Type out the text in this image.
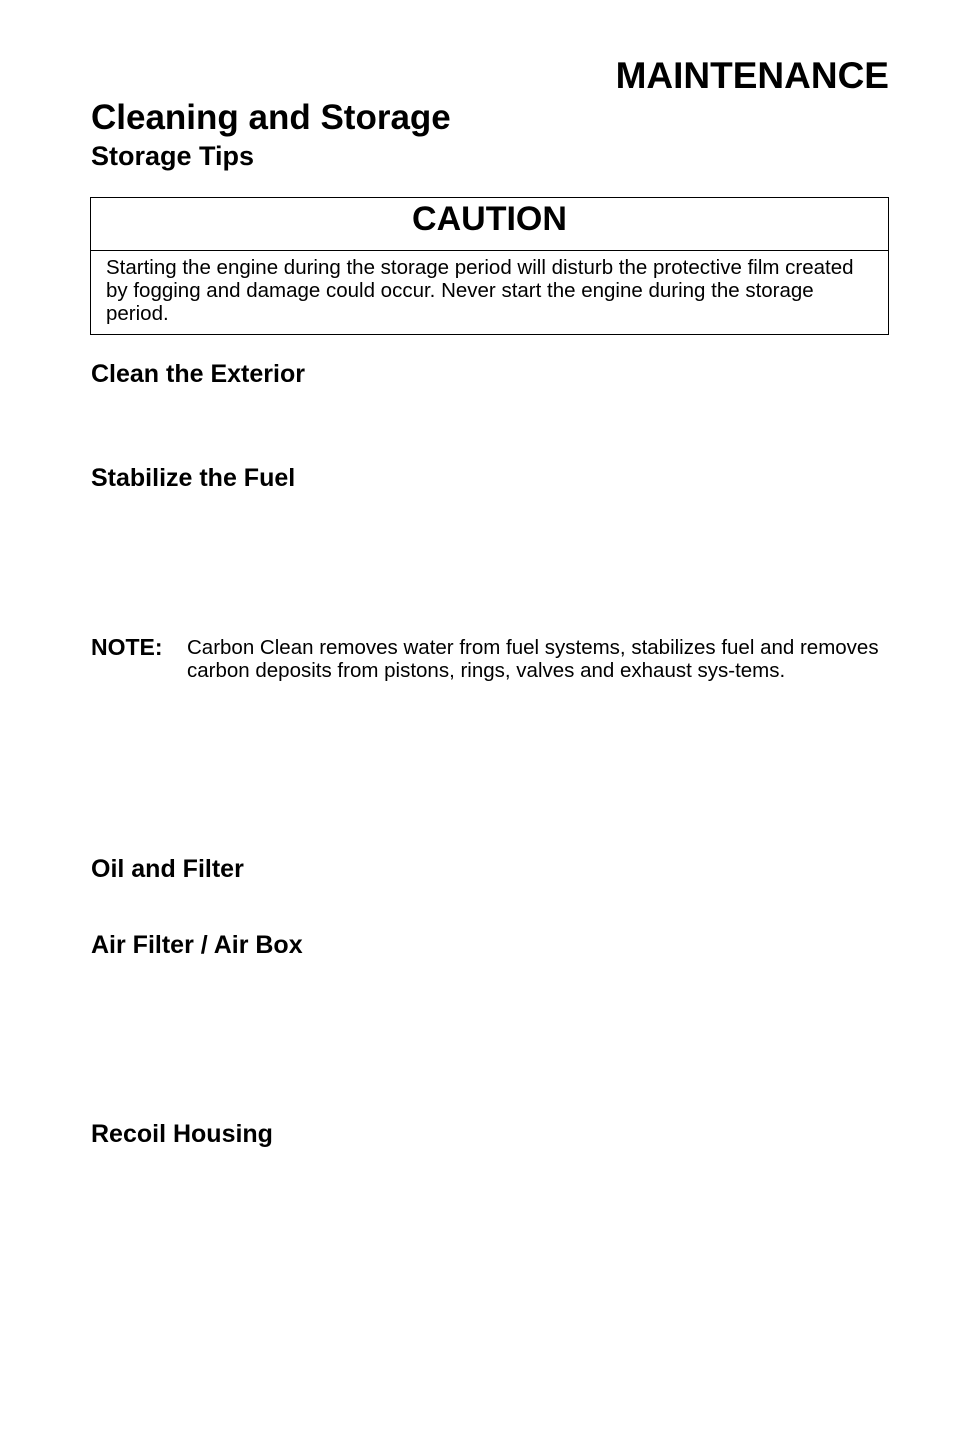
MAINTENANCE
Cleaning and Storage
Storage Tips
CAUTION
Starting the engine during the storage period will disturb the protective film created by fogging and damage could occur. Never start the engine during the storage period.
Clean the Exterior
Stabilize the Fuel
NOTE: Carbon Clean removes water from fuel systems, stabilizes fuel and removes carbon deposits from pistons, rings, valves and exhaust sys-tems.
Oil and Filter
Air Filter / Air Box
Recoil Housing
